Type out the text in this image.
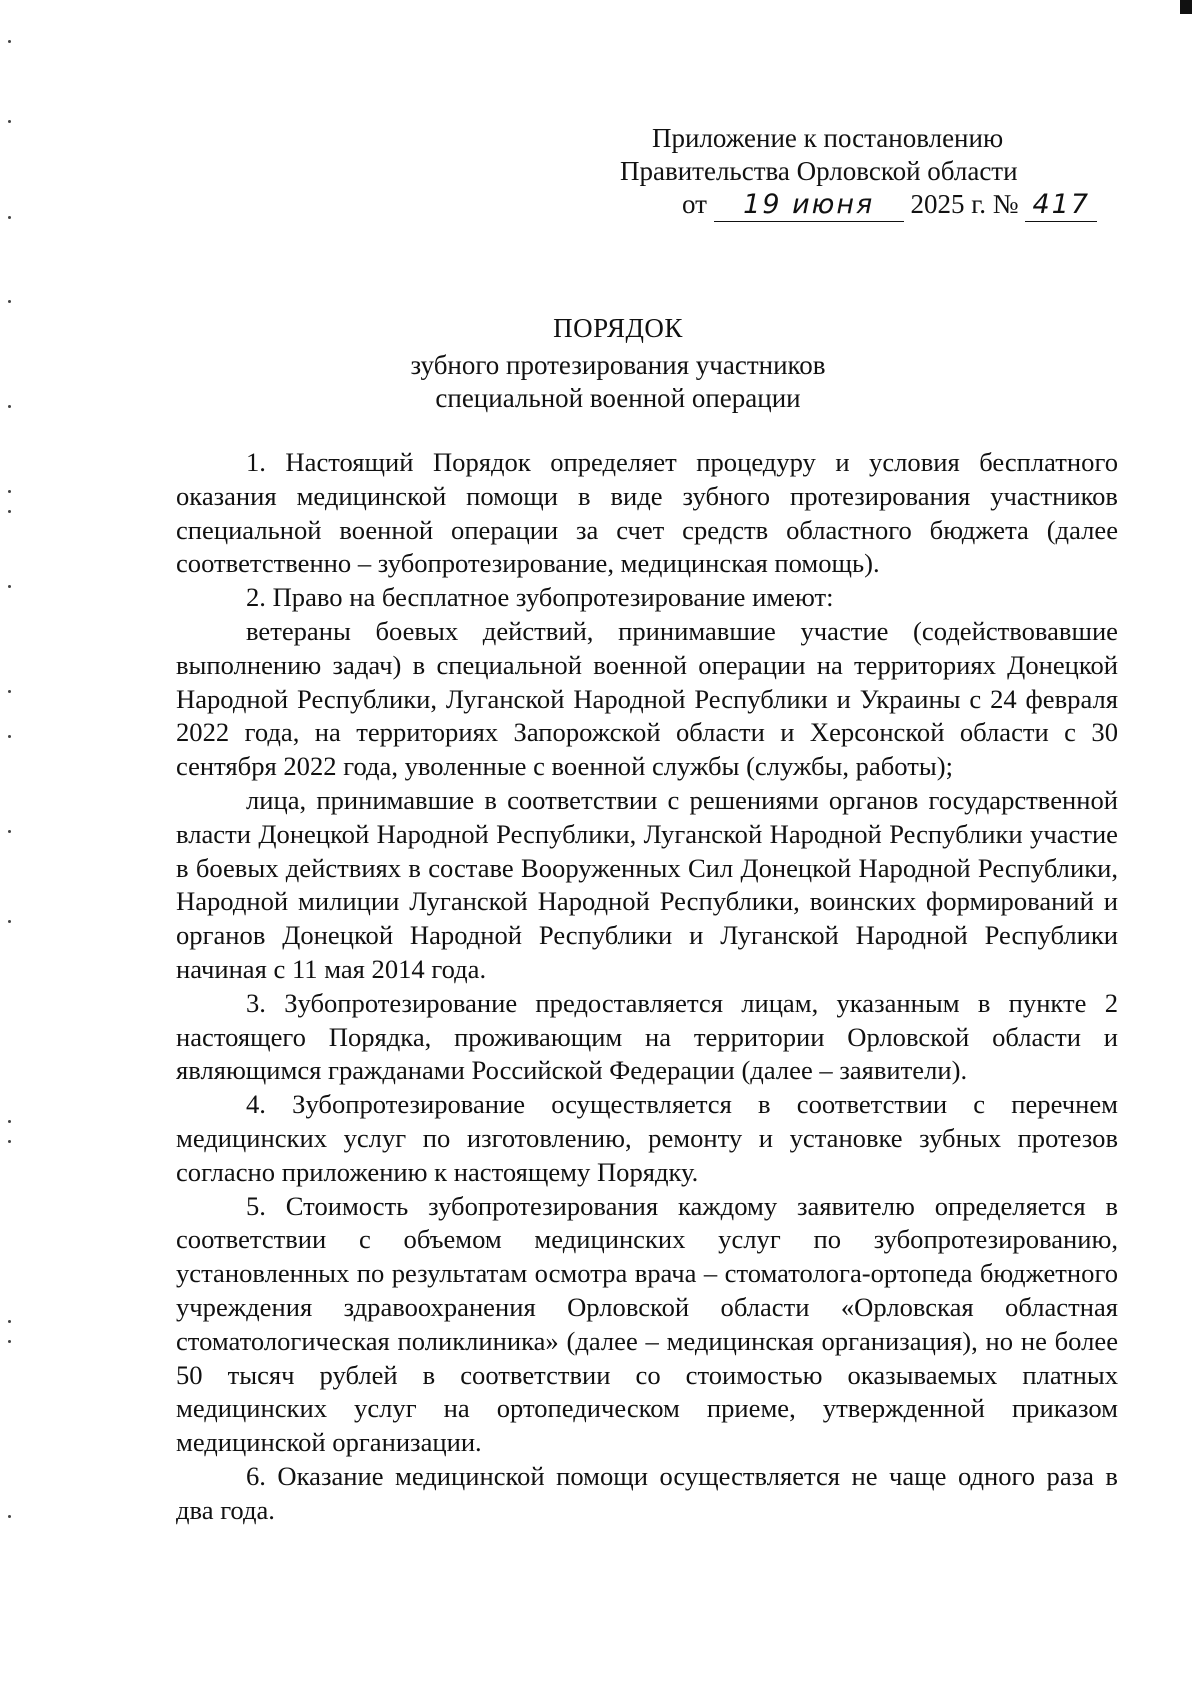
Приложение к постановлению
Правительства Орловской области
от 19 июня 2025 г. № 417
ПОРЯДОК
зубного протезирования участников
специальной военной операции

1. Настоящий Порядок определяет процедуру и условия бесплатного оказания медицинской помощи в виде зубного протезирования участников специальной военной операции за счет средств областного бюджета (далее соответственно – зубопротезирование, медицинская помощь).

2. Право на бесплатное зубопротезирование имеют:

ветераны боевых действий, принимавшие участие (содействовавшие выполнению задач) в специальной военной операции на территориях Донецкой Народной Республики, Луганской Народной Республики и Украины с 24 февраля 2022 года, на территориях Запорожской области и Херсонской области с 30 сентября 2022 года, уволенные с военной службы (службы, работы);

лица, принимавшие в соответствии с решениями органов государственной власти Донецкой Народной Республики, Луганской Народной Республики участие в боевых действиях в составе Вооруженных Сил Донецкой Народной Республики, Народной милиции Луганской Народной Республики, воинских формирований и органов Донецкой Народной Республики и Луганской Народной Республики начиная с 11 мая 2014 года.

3. Зубопротезирование предоставляется лицам, указанным в пункте 2 настоящего Порядка, проживающим на территории Орловской области и являющимся гражданами Российской Федерации (далее – заявители).

4. Зубопротезирование осуществляется в соответствии с перечнем медицинских услуг по изготовлению, ремонту и установке зубных протезов согласно приложению к настоящему Порядку.

5. Стоимость зубопротезирования каждому заявителю определяется в соответствии с объемом медицинских услуг по зубопротезированию, установленных по результатам осмотра врача – стоматолога-ортопеда бюджетного учреждения здравоохранения Орловской области «Орловская областная стоматологическая поликлиника» (далее – медицинская организация), но не более 50 тысяч рублей в соответствии со стоимостью оказываемых платных медицинских услуг на ортопедическом приеме, утвержденной приказом медицинской организации.

6. Оказание медицинской помощи осуществляется не чаще одного раза в два года.
